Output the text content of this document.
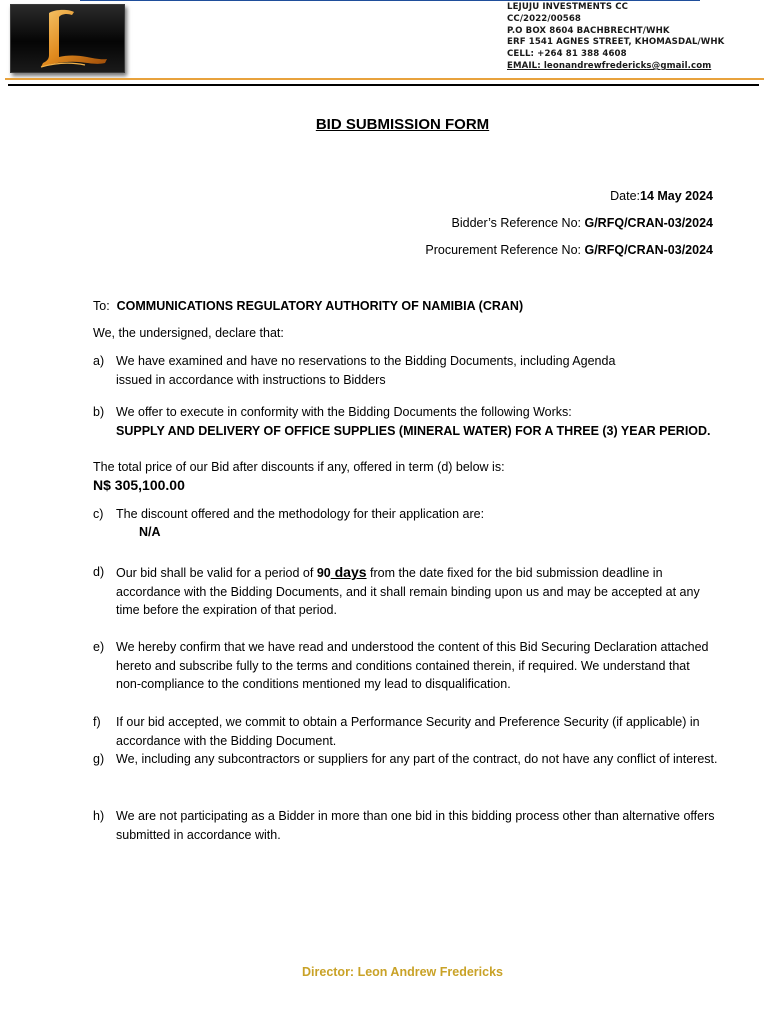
LEJUJU INVESTMENTS CC
CC/2022/00568
P.O BOX 8604 BACHBRECHT/WHK
ERF 1541 AGNES STREET, KHOMASDAL/WHK
CELL: +264 81 388 4608
EMAIL: leonandrewfredericks@gmail.com
BID SUBMISSION FORM
Date:14 May 2024
Bidder’s Reference No: G/RFQ/CRAN-03/2024
Procurement Reference No: G/RFQ/CRAN-03/2024
To: COMMUNICATIONS REGULATORY AUTHORITY OF NAMIBIA (CRAN)
We, the undersigned, declare that:
a) We have examined and have no reservations to the Bidding Documents, including Agenda issued in accordance with instructions to Bidders
b) We offer to execute in conformity with the Bidding Documents the following Works:
SUPPLY AND DELIVERY OF OFFICE SUPPLIES (MINERAL WATER) FOR A THREE (3) YEAR PERIOD.
The total price of our Bid after discounts if any, offered in term (d) below is:
N$ 305,100.00
c) The discount offered and the methodology for their application are:
N/A
d) Our bid shall be valid for a period of 90 days from the date fixed for the bid submission deadline in accordance with the Bidding Documents, and it shall remain binding upon us and may be accepted at any time before the expiration of that period.
e) We hereby confirm that we have read and understood the content of this Bid Securing Declaration attached hereto and subscribe fully to the terms and conditions contained therein, if required. We understand that non-compliance to the conditions mentioned my lead to disqualification.
f) If our bid accepted, we commit to obtain a Performance Security and Preference Security (if applicable) in accordance with the Bidding Document.
g) We, including any subcontractors or suppliers for any part of the contract, do not have any conflict of interest.
h) We are not participating as a Bidder in more than one bid in this bidding process other than alternative offers submitted in accordance with.
Director: Leon Andrew Fredericks
